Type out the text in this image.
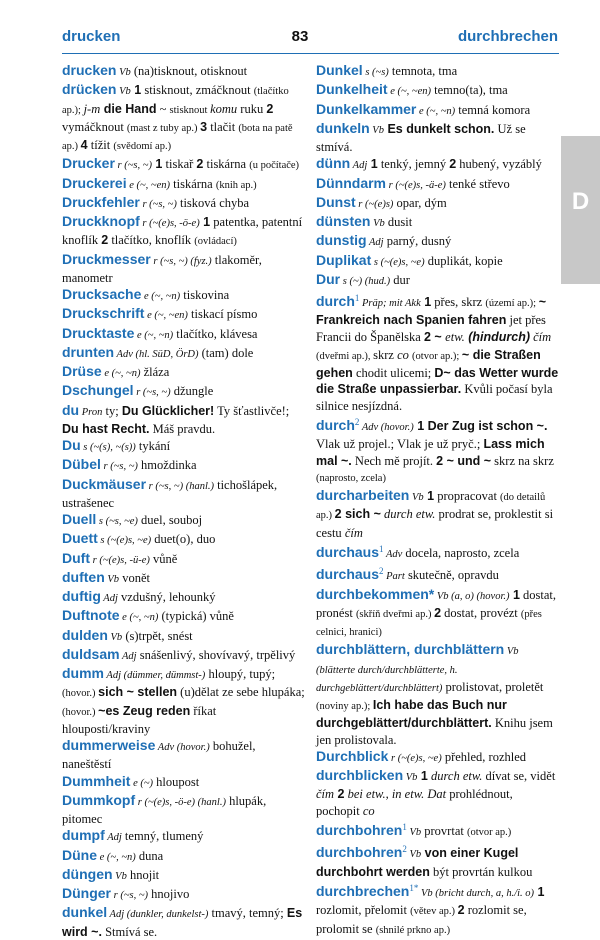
drucken	83	durchbrechen
D

drucken Vb (na)tisknout, otisknout

drücken Vb 1 stisknout, zmáčknout (tlačítko ap.); j-m die Hand ~ stisknout komu ruku 2 vymáčknout (mast z tuby ap.) 3 tlačit (bota na patě ap.) 4 tížit (svědomí ap.)

Drucker r (~s, ~) 1 tiskař 2 tiskárna (u počítače)

Druckerei e (~, ~en) tiskárna (knih ap.)

Druckfehler r (~s, ~) tisková chyba

Druckknopf r (~(e)s, -ö-e) 1 patentka, patentní knoflík 2 tlačítko, knoflík (ovládací)

Druckmesser r (~s, ~) (fyz.) tlakoměr, manometr

Drucksache e (~, ~n) tiskovina

Druckschrift e (~, ~en) tiskací písmo

Drucktaste e (~, ~n) tlačítko, klávesa

drunten Adv (hl. SüD, ÖrD) (tam) dole

Drüse e (~, ~n) žláza

Dschungel r (~s, ~) džungle

du Pron ty; Du Glücklicher! Ty šťastlivče!; Du hast Recht. Máš pravdu.

Du s (~(s), ~(s)) tykání

Dübel r (~s, ~) hmoždinka

Duckmäuser r (~s, ~) (hanl.) tichošlápek, ustrašenec

Duell s (~s, ~e) duel, souboj

Duett s (~(e)s, ~e) duet(o), duo

Duft r (~(e)s, -ü-e) vůně

duften Vb vonět

duftig Adj vzdušný, lehounký

Duftnote e (~, ~n) (typická) vůně

dulden Vb (s)trpět, snést

duldsam Adj snášenlivý, shovívavý, trpělivý

dumm Adj (dümmer, dümmst-) hloupý, tupý; (hovor.) sich ~ stellen (u)dělat ze sebe hlupáka; (hovor.) ~es Zeug reden říkat hlouposti/kraviny

dummerweise Adv (hovor.) bohužel, naneštěstí

Dummheit e (~) hloupost

Dummkopf r (~(e)s, -ö-e) (hanl.) hlupák, pitomec

dumpf Adj temný, tlumený

Düne e (~, ~n) duna

düngen Vb hnojit

Dünger r (~s, ~) hnojivo

dunkel Adj (dunkler, dunkelst-) tmavý, temný; Es wird ~. Stmívá se.

Dunkel s (~s) temnota, tma

Dunkelheit e (~, ~en) temno(ta), tma

Dunkelkammer e (~, ~n) temná komora

dunkeln Vb Es dunkelt schon. Už se stmívá.

dünn Adj 1 tenký, jemný 2 hubený, vyzáblý

Dünndarm r (~(e)s, -ä-e) tenké střevo

Dunst r (~(e)s) opar, dým

dünsten Vb dusit

dunstig Adj parný, dusný

Duplikat s (~(e)s, ~e) duplikát, kopie

Dur s (~) (hud.) dur

durch$^1$ Präp; mit Akk 1 přes, skrz (území ap.); ~ Frankreich nach Spanien fahren jet přes Francii do Španělska 2 ~ etw. (hindurch) čím (dveřmi ap.), skrz co (otvor ap.); ~ die Straßen gehen chodit ulicemi; D~ das Wetter wurde die Straße unpassierbar. Kvůli počasí byla silnice nesjízdná.

durch$^2$ Adv (hovor.) 1 Der Zug ist schon ~. Vlak už projel.; Vlak je už pryč.; Lass mich mal ~. Nech mě projít. 2 ~ und ~ skrz na skrz (naprosto, zcela)

durcharbeiten Vb 1 propracovat (do detailů ap.) 2 sich ~ durch etw. prodrat se, proklestit si cestu čím

durchaus$^1$ Adv docela, naprosto, zcela

durchaus$^2$ Part skutečně, opravdu

durchbekommen* Vb (a, o) (hovor.) 1 dostat, pronést (skříň dveřmi ap.) 2 dostat, provézt (přes celnici, hranici)

durchblättern, durchblättern Vb (blätterte durch/durchblätterte, h. durchgeblättert/durchblättert) prolistovat, proletět (noviny ap.); Ich habe das Buch nur durchgeblättert/durchblättert. Knihu jsem jen prolistovala.

Durchblick r (~(e)s, ~e) přehled, rozhled

durchblicken Vb 1 durch etw. dívat se, vidět čím 2 bei etw., in etw. Dat prohlédnout, pochopit co

durchbohren$^1$ Vb provrtat (otvor ap.)

durchbohren$^2$ Vb von einer Kugel durchbohrt werden být provrtán kulkou

durchbrechen$^{1*}$ Vb (bricht durch, a, h./i. o) 1 rozlomit, přelomit (větev ap.) 2 rozlomit se, prolomit se (shnilé prkno ap.)
